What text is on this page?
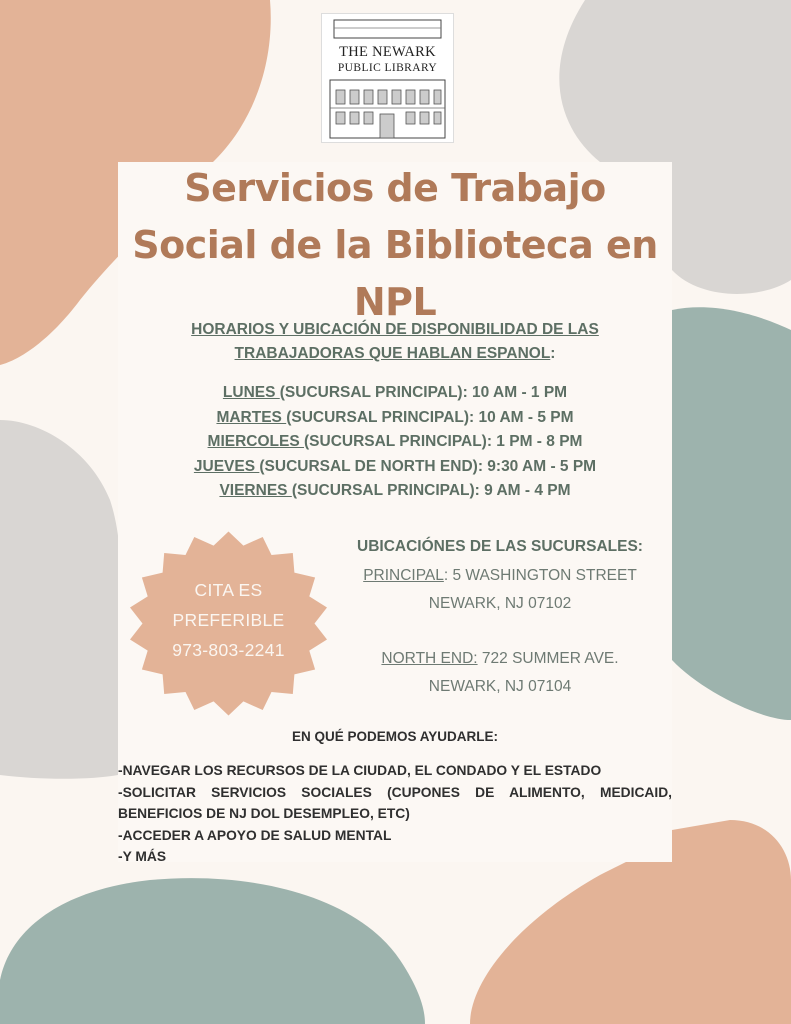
THE NEWARK
PUBLIC LIBRARY
Servicios de Trabajo Social de la Biblioteca en NPL
HORARIOS Y UBICACIÓN DE DISPONIBILIDAD DE LAS
TRABAJADORAS QUE HABLAN ESPANOL:
LUNES (SUCURSAL PRINCIPAL): 10 AM - 1 PM
MARTES (SUCURSAL PRINCIPAL): 10 AM - 5 PM
MIERCOLES (SUCURSAL PRINCIPAL): 1 PM - 8 PM
JUEVES (SUCURSAL DE NORTH END): 9:30 AM - 5 PM
VIERNES (SUCURSAL PRINCIPAL): 9 AM - 4 PM
CITA ES
PREFERIBLE
973-803-2241
UBICACIÓNES DE LAS SUCURSALES:
PRINCIPAL: 5 WASHINGTON STREET
NEWARK, NJ 07102
NORTH END: 722 SUMMER AVE.
NEWARK, NJ 07104
EN QUÉ PODEMOS AYUDARLE:
-NAVEGAR LOS RECURSOS DE LA CIUDAD, EL CONDADO Y EL ESTADO
-SOLICITAR SERVICIOS SOCIALES (CUPONES DE ALIMENTO, MEDICAID, BENEFICIOS DE NJ DOL DESEMPLEO, ETC)
-ACCEDER A APOYO DE SALUD MENTAL
-Y MÁS
